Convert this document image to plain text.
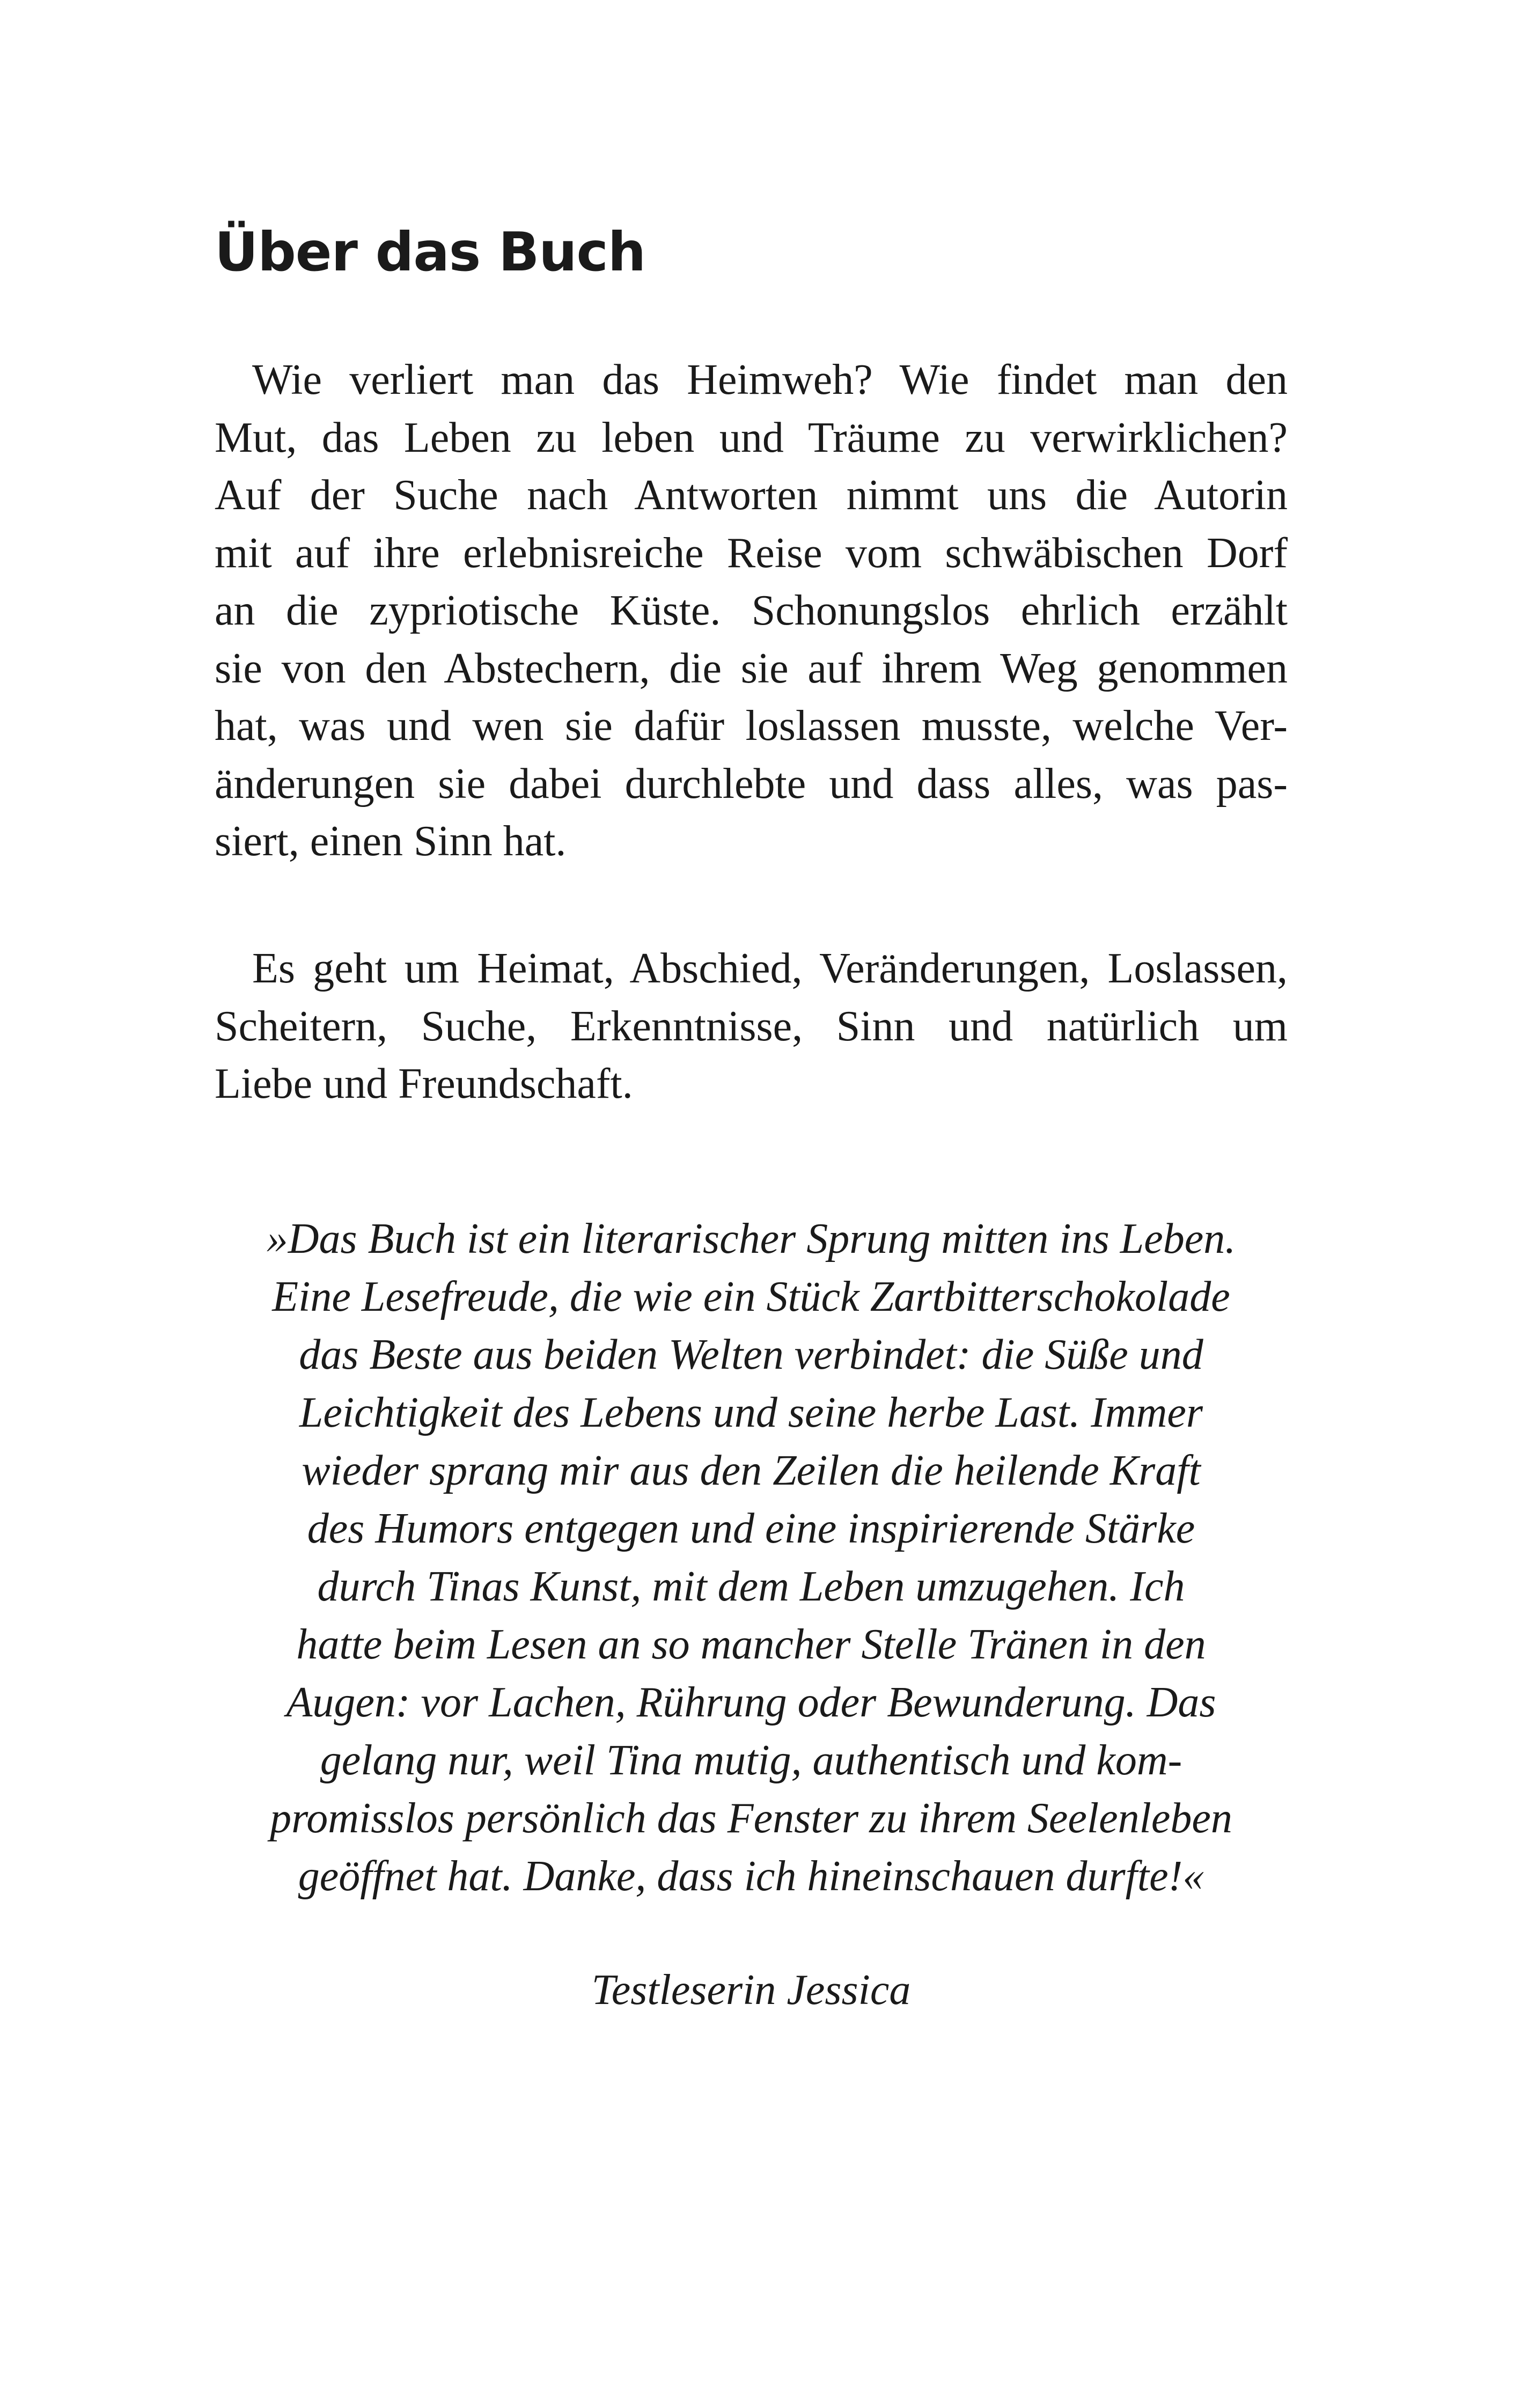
Über das Buch

Wie verliert man das Heimweh? Wie findet man den
Mut, das Leben zu leben und Träume zu verwirklichen?
Auf der Suche nach Antworten nimmt uns die Autorin
mit auf ihre erlebnisreiche Reise vom schwäbischen Dorf
an die zypriotische Küste. Schonungslos ehrlich erzählt
sie von den Abstechern, die sie auf ihrem Weg genommen
hat, was und wen sie dafür loslassen musste, welche Ver-
änderungen sie dabei durchlebte und dass alles, was pas-
siert, einen Sinn hat.

Es geht um Heimat, Abschied, Veränderungen, Loslassen,
Scheitern, Suche, Erkenntnisse, Sinn und natürlich um
Liebe und Freundschaft.

»Das Buch ist ein literarischer Sprung mitten ins Leben.
Eine Lesefreude, die wie ein Stück Zartbitterschokolade
das Beste aus beiden Welten verbindet: die Süße und
Leichtigkeit des Lebens und seine herbe Last. Immer
wieder sprang mir aus den Zeilen die heilende Kraft
des Humors entgegen und eine inspirierende Stärke
durch Tinas Kunst, mit dem Leben umzugehen. Ich
hatte beim Lesen an so mancher Stelle Tränen in den
Augen: vor Lachen, Rührung oder Bewunderung. Das
gelang nur, weil Tina mutig, authentisch und kom-
promisslos persönlich das Fenster zu ihrem Seelenleben
geöffnet hat. Danke, dass ich hineinschauen durfte!«

Testleserin Jessica
